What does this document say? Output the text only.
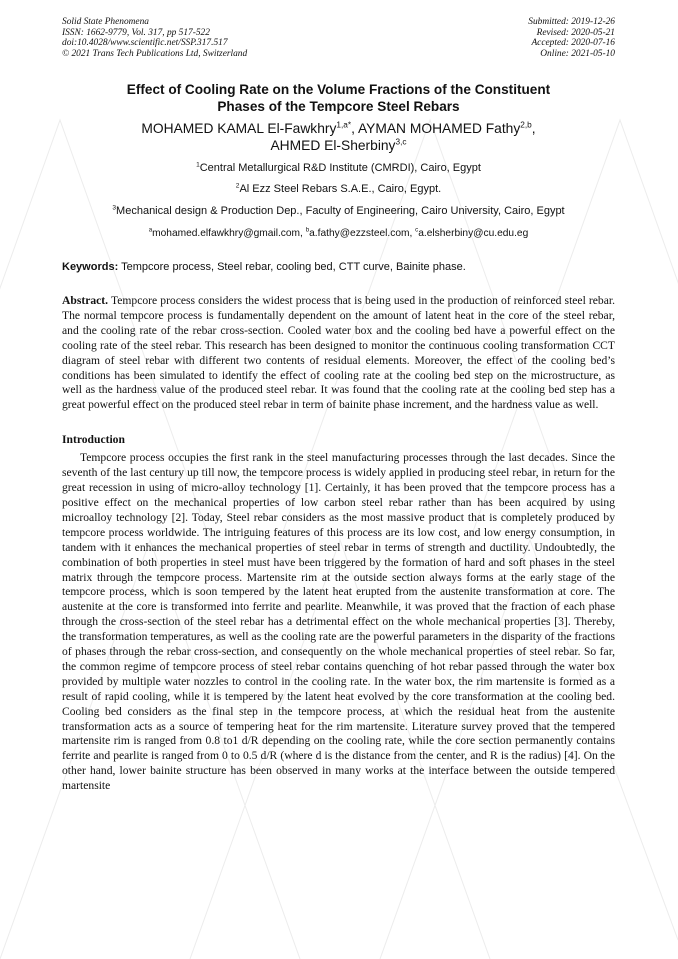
Solid State Phenomena
ISSN: 1662-9779, Vol. 317, pp 517-522
doi:10.4028/www.scientific.net/SSP.317.517
© 2021 Trans Tech Publications Ltd, Switzerland
Submitted: 2019-12-26
Revised: 2020-05-21
Accepted: 2020-07-16
Online: 2021-05-10
Effect of Cooling Rate on the Volume Fractions of the Constituent
Phases of the Tempcore Steel Rebars
MOHAMED KAMAL El-Fawkhry$^{1,a*}$, AYMAN MOHAMED Fathy$^{2,b}$,
AHMED El-Sherbiny$^{3,c}$
$^1$Central Metallurgical R&D Institute (CMRDI), Cairo, Egypt
$^2$Al Ezz Steel Rebars S.A.E., Cairo, Egypt.
$^3$Mechanical design & Production Dep., Faculty of Engineering, Cairo University, Cairo, Egypt
$^a$mohamed.elfawkhry@gmail.com, $^b$a.fathy@ezzsteel.com, $^c$a.elsherbiny@cu.edu.eg
Keywords: Tempcore process, Steel rebar, cooling bed, CTT curve, Bainite phase.
Abstract. Tempcore process considers the widest process that is being used in the production of reinforced steel rebar. The normal tempcore process is fundamentally dependent on the amount of latent heat in the core of the steel rebar, and the cooling rate of the rebar cross-section. Cooled water box and the cooling bed have a powerful effect on the cooling rate of the steel rebar. This research has been designed to monitor the continuous cooling transformation CCT diagram of steel rebar with different two contents of residual elements. Moreover, the effect of the cooling bed’s conditions has been simulated to identify the effect of cooling rate at the cooling bed step on the microstructure, as well as the hardness value of the produced steel rebar. It was found that the cooling rate at the cooling bed step has a great powerful effect on the produced steel rebar in term of bainite phase increment, and the hardness value as well.
Introduction
Tempcore process occupies the first rank in the steel manufacturing processes through the last decades. Since the seventh of the last century up till now, the tempcore process is widely applied in producing steel rebar, in return for the great recession in using of micro-alloy technology [1]. Certainly, it has been proved that the tempcore process has a positive effect on the mechanical properties of low carbon steel rebar rather than has been acquired by using microalloy technology [2]. Today, Steel rebar considers as the most massive product that is completely produced by tempcore process worldwide. The intriguing features of this process are its low cost, and low energy consumption, in tandem with it enhances the mechanical properties of steel rebar in terms of strength and ductility. Undoubtedly, the combination of both properties in steel must have been triggered by the formation of hard and soft phases in the steel matrix through the tempcore process. Martensite rim at the outside section always forms at the early stage of the tempcore process, which is soon tempered by the latent heat erupted from the austenite transformation at core. The austenite at the core is transformed into ferrite and pearlite. Meanwhile, it was proved that the fraction of each phase through the cross-section of the steel rebar has a detrimental effect on the whole mechanical properties [3]. Thereby, the transformation temperatures, as well as the cooling rate are the powerful parameters in the disparity of the fractions of phases through the rebar cross-section, and consequently on the whole mechanical properties of steel rebar. So far, the common regime of tempcore process of steel rebar contains quenching of hot rebar passed through the water box provided by multiple water nozzles to control in the cooling rate. In the water box, the rim martensite is formed as a result of rapid cooling, while it is tempered by the latent heat evolved by the core transformation at the cooling bed. Cooling bed considers as the final step in the tempcore process, at which the residual heat from the austenite transformation acts as a source of tempering heat for the rim martensite. Literature survey proved that the tempered martensite rim is ranged from 0.8 to1 d/R depending on the cooling rate, while the core section permanently contains ferrite and pearlite is ranged from 0 to 0.5 d/R (where d is the distance from the center, and R is the radius) [4]. On the other hand, lower bainite structure has been observed in many works at the interface between the outside tempered martensite
